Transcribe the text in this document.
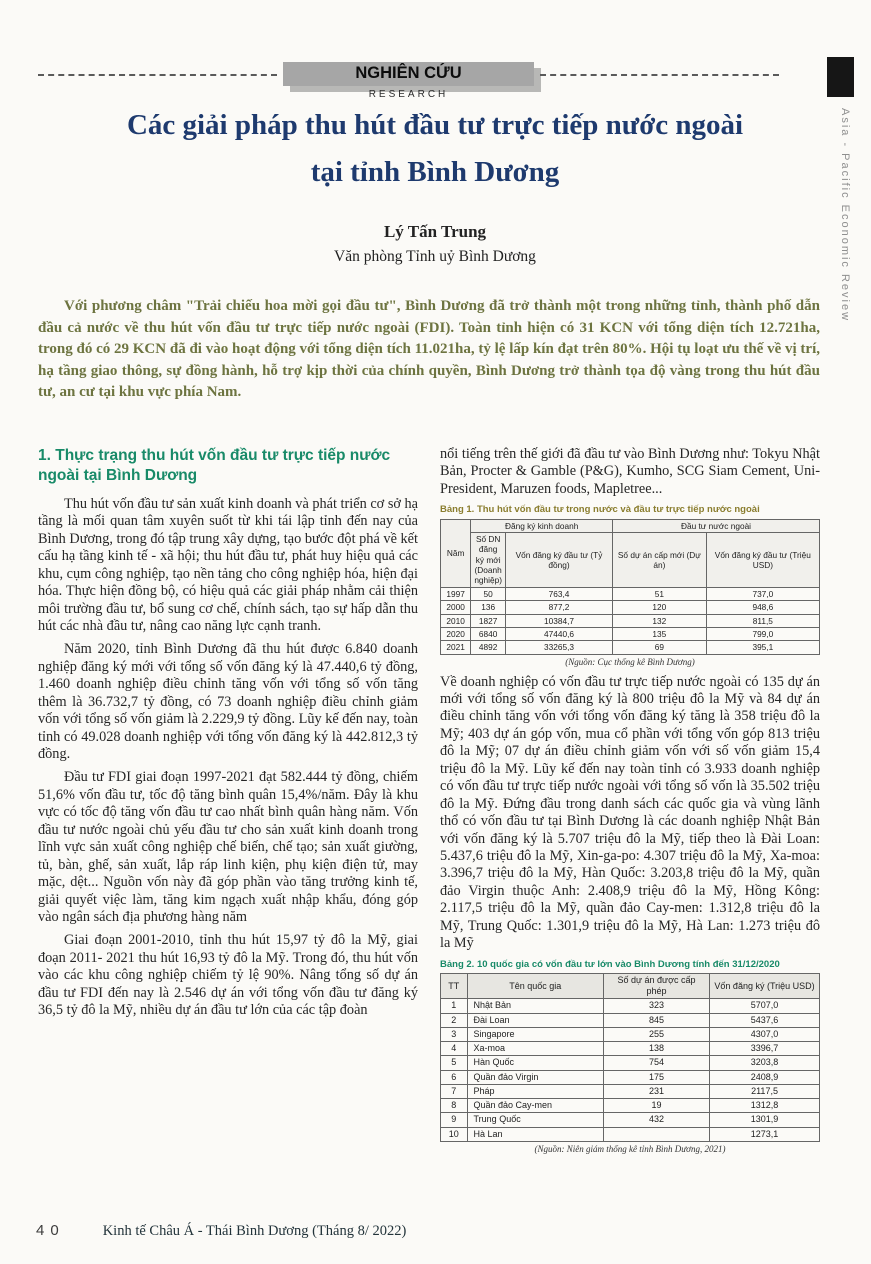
NGHIÊN CỨU
RESEARCH
Asia - Pacific Economic Review
Các giải pháp thu hút đầu tư trực tiếp nước ngoài
tại tỉnh Bình Dương
Lý Tấn Trung
Văn phòng Tỉnh uỷ Bình Dương

Với phương châm "Trải chiếu hoa mời gọi đầu tư", Bình Dương đã trở thành một trong những tỉnh, thành phố dẫn đầu cả nước về thu hút vốn đầu tư trực tiếp nước ngoài (FDI). Toàn tỉnh hiện có 31 KCN với tổng diện tích 12.721ha, trong đó có 29 KCN đã đi vào hoạt động với tổng diện tích 11.021ha, tỷ lệ lấp kín đạt trên 80%. Hội tụ loạt ưu thế về vị trí, hạ tầng giao thông, sự đồng hành, hỗ trợ kịp thời của chính quyền, Bình Dương trở thành tọa độ vàng trong thu hút đầu tư, an cư tại khu vực phía Nam.

1. Thực trạng thu hút vốn đầu tư trực tiếp nước ngoài tại Bình Dương

Thu hút vốn đầu tư sản xuất kinh doanh và phát triển cơ sở hạ tầng là mối quan tâm xuyên suốt từ khi tái lập tỉnh đến nay của Bình Dương, trong đó tập trung xây dựng, tạo bước đột phá về kết cấu hạ tầng kinh tế - xã hội; thu hút đầu tư, phát huy hiệu quả các khu, cụm công nghiệp, tạo nền tảng cho công nghiệp hóa, hiện đại hóa. Thực hiện đồng bộ, có hiệu quả các giải pháp nhằm cải thiện môi trường đầu tư, bổ sung cơ chế, chính sách, tạo sự hấp dẫn thu hút các nhà đầu tư, nâng cao năng lực cạnh tranh.

Năm 2020, tỉnh Bình Dương đã thu hút được 6.840 doanh nghiệp đăng ký mới với tổng số vốn đăng ký là 47.440,6 tỷ đồng, 1.460 doanh nghiệp điều chỉnh tăng vốn với tổng số vốn tăng thêm là 36.732,7 tỷ đồng, có 73 doanh nghiệp điều chỉnh giảm vốn với tổng số vốn giảm là 2.229,9 tỷ đồng. Lũy kế đến nay, toàn tỉnh có 49.028 doanh nghiệp với tổng vốn đăng ký là 442.812,3 tỷ đồng.

Đầu tư FDI giai đoạn 1997-2021 đạt 582.444 tỷ đồng, chiếm 51,6% vốn đầu tư, tốc độ tăng bình quân 15,4%/năm. Đây là khu vực có tốc độ tăng vốn đầu tư cao nhất bình quân hàng năm. Vốn đầu tư nước ngoài chủ yếu đầu tư cho sản xuất kinh doanh trong lĩnh vực sản xuất công nghiệp chế biến, chế tạo; sản xuất giường, tủ, bàn, ghế, sản xuất, lắp ráp linh kiện, phụ kiện điện tử, may mặc, dệt... Nguồn vốn này đã góp phần vào tăng trưởng kinh tế, giải quyết việc làm, tăng kim ngạch xuất nhập khẩu, đóng góp vào ngân sách địa phương hàng năm

Giai đoạn 2001-2010, tỉnh thu hút 15,97 tỷ đô la Mỹ, giai đoạn 2011- 2021 thu hút 16,93 tỷ đô la Mỹ. Trong đó, thu hút vốn vào các khu công nghiệp chiếm tỷ lệ 90%. Nâng tổng số dự án đầu tư FDI đến nay là 2.546 dự án với tổng vốn đầu tư đăng ký 36,5 tỷ đô la Mỹ, nhiều dự án đầu tư lớn của các tập đoàn

nổi tiếng trên thế giới đã đầu tư vào Bình Dương như: Tokyu Nhật Bản, Procter & Gamble (P&G), Kumho, SCG Siam Cement, Uni-President, Maruzen foods, Mapletree...

Bảng 1. Thu hút vốn đầu tư trong nước và đầu tư trực tiếp nước ngoài
Năm	Đăng ký kinh doanh		Đầu tư nước ngoài	
	Số DN đăng ký mới (Doanh nghiệp)	Vốn đăng ký đầu tư (Tỷ đồng)	Số dự án cấp mới (Dự án)	Vốn đăng ký đầu tư (Triệu USD)
1997	50	763,4	51	737,0
2000	136	877,2	120	948,6
2010	1827	10384,7	132	811,5
2020	6840	47440,6	135	799,0
2021	4892	33265,3	69	395,1
(Nguồn: Cục thống kê Bình Dương)

Về doanh nghiệp có vốn đầu tư trực tiếp nước ngoài có 135 dự án mới với tổng số vốn đăng ký là 800 triệu đô la Mỹ và 84 dự án điều chỉnh tăng vốn với tổng vốn đăng ký tăng là 358 triệu đô la Mỹ; 403 dự án góp vốn, mua cổ phần với tổng vốn góp 813 triệu đô la Mỹ; 07 dự án điều chỉnh giảm vốn với số vốn giảm 15,4 triệu đô la Mỹ. Lũy kế đến nay toàn tỉnh có 3.933 doanh nghiệp có vốn đầu tư trực tiếp nước ngoài với tổng số vốn là 35.502 triệu đô la Mỹ. Đứng đầu trong danh sách các quốc gia và vùng lãnh thổ có vốn đầu tư tại Bình Dương là các doanh nghiệp Nhật Bản với vốn đăng ký là 5.707 triệu đô la Mỹ, tiếp theo là Đài Loan: 5.437,6 triệu đô la Mỹ, Xin-ga-po: 4.307 triệu đô la Mỹ, Xa-moa: 3.396,7 triệu đô la Mỹ, Hàn Quốc: 3.203,8 triệu đô la Mỹ, quần đảo Virgin thuộc Anh: 2.408,9 triệu đô la Mỹ, Hồng Kông: 2.117,5 triệu đô la Mỹ, quần đảo Cay-men: 1.312,8 triệu đô la Mỹ, Trung Quốc: 1.301,9 triệu đô la Mỹ, Hà Lan: 1.273 triệu đô la Mỹ

Bảng 2. 10 quốc gia có vốn đầu tư lớn vào Bình Dương tính đến 31/12/2020
TT	Tên quốc gia	Số dự án được cấp phép	Vốn đăng ký (Triệu USD)
1	Nhật Bản	323	5707,0
2	Đài Loan	845	5437,6
3	Singapore	255	4307,0
4	Xa-moa	138	3396,7
5	Hàn Quốc	754	3203,8
6	Quần đảo Virgin	175	2408,9
7	Pháp	231	2117,5
8	Quần đảo Cay-men	19	1312,8
9	Trung Quốc	432	1301,9
10	Hà Lan		1273,1
(Nguồn: Niên giám thống kê tỉnh Bình Dương, 2021)
40	Kinh tế Châu Á - Thái Bình Dương (Tháng 8/ 2022)
